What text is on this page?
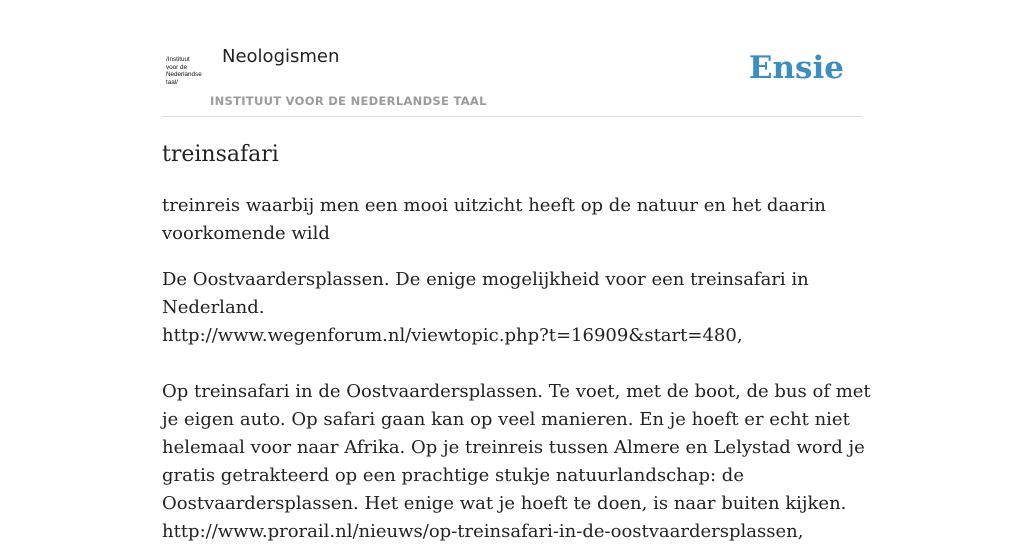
/Instituut
voor de
Nederlandse
taal/
Neologismen
INSTITUUT VOOR DE NEDERLANDSE TAAL
Ensie
treinsafari

treinreis waarbij men een mooi uitzicht heeft op de natuur en het daarin voorkomende wild

De Oostvaardersplassen. De enige mogelijkheid voor een treinsafari in Nederland.

http://www.wegenforum.nl/viewtopic.php?t=16909&start=480,

Op treinsafari in de Oostvaardersplassen. Te voet, met de boot, de bus of met je eigen auto. Op safari gaan kan op veel manieren. En je hoeft er echt niet helemaal voor naar Afrika. Op je treinreis tussen Almere en Lelystad word je gratis getrakteerd op een prachtige stukje natuurlandschap: de Oostvaardersplassen. Het enige wat je hoeft te doen, is naar buiten kijken.

http://www.prorail.nl/nieuws/op-treinsafari-in-de-oostvaardersplassen,
